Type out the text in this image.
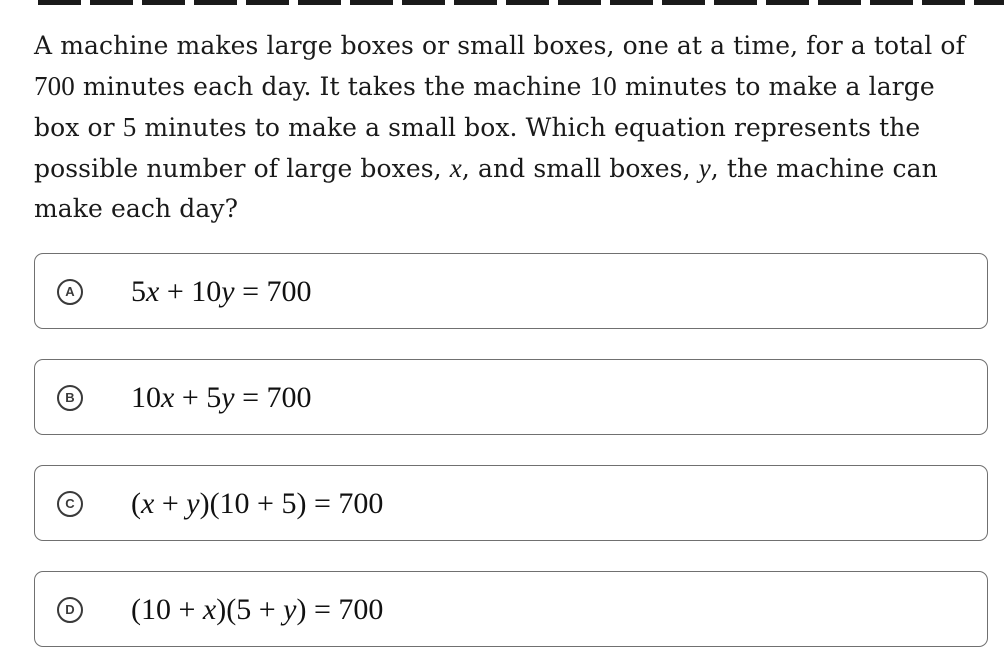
A machine makes large boxes or small boxes, one at a time, for a total of 700 minutes each day. It takes the machine 10 minutes to make a large box or 5 minutes to make a small box. Which equation represents the possible number of large boxes, x, and small boxes, y, the machine can make each day?
A 5x + 10y = 700
B 10x + 5y = 700
C (x + y)(10 + 5) = 700
D (10 + x)(5 + y) = 700
